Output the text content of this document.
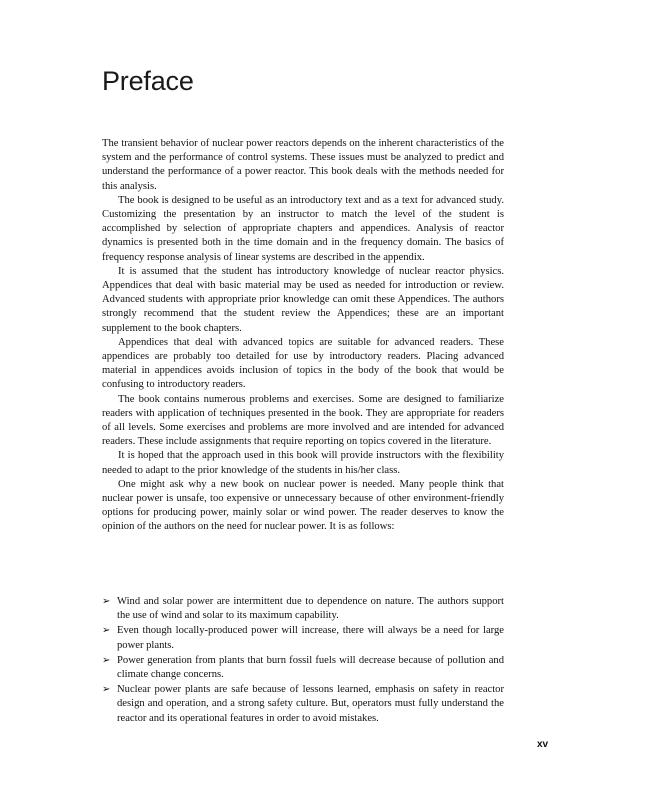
Preface

The transient behavior of nuclear power reactors depends on the inherent characteristics of the system and the performance of control systems. These issues must be analyzed to predict and understand the performance of a power reactor. This book deals with the methods needed for this analysis.

The book is designed to be useful as an introductory text and as a text for advanced study. Customizing the presentation by an instructor to match the level of the student is accomplished by selection of appropriate chapters and appendices. Analysis of reactor dynamics is presented both in the time domain and in the frequency domain. The basics of frequency response analysis of linear systems are described in the appendix.

It is assumed that the student has introductory knowledge of nuclear reactor physics. Appendices that deal with basic material may be used as needed for introduction or review. Advanced students with appropriate prior knowledge can omit these Appendices. The authors strongly recommend that the student review the Appendices; these are an important supplement to the book chapters.

Appendices that deal with advanced topics are suitable for advanced readers. These appendices are probably too detailed for use by introductory readers. Placing advanced material in appendices avoids inclusion of topics in the body of the book that would be confusing to introductory readers.

The book contains numerous problems and exercises. Some are designed to familiarize readers with application of techniques presented in the book. They are appropriate for readers of all levels. Some exercises and problems are more involved and are intended for advanced readers. These include assignments that require reporting on topics covered in the literature.

It is hoped that the approach used in this book will provide instructors with the flexibility needed to adapt to the prior knowledge of the students in his/her class.

One might ask why a new book on nuclear power is needed. Many people think that nuclear power is unsafe, too expensive or unnecessary because of other environment-friendly options for producing power, mainly solar or wind power. The reader deserves to know the opinion of the authors on the need for nuclear power. It is as follows:

➢ Wind and solar power are intermittent due to dependence on nature. The authors support the use of wind and solar to its maximum capability.
➢ Even though locally-produced power will increase, there will always be a need for large power plants.
➢ Power generation from plants that burn fossil fuels will decrease because of pollution and climate change concerns.
➢ Nuclear power plants are safe because of lessons learned, emphasis on safety in reactor design and operation, and a strong safety culture. But, operators must fully understand the reactor and its operational features in order to avoid mistakes.
xv
